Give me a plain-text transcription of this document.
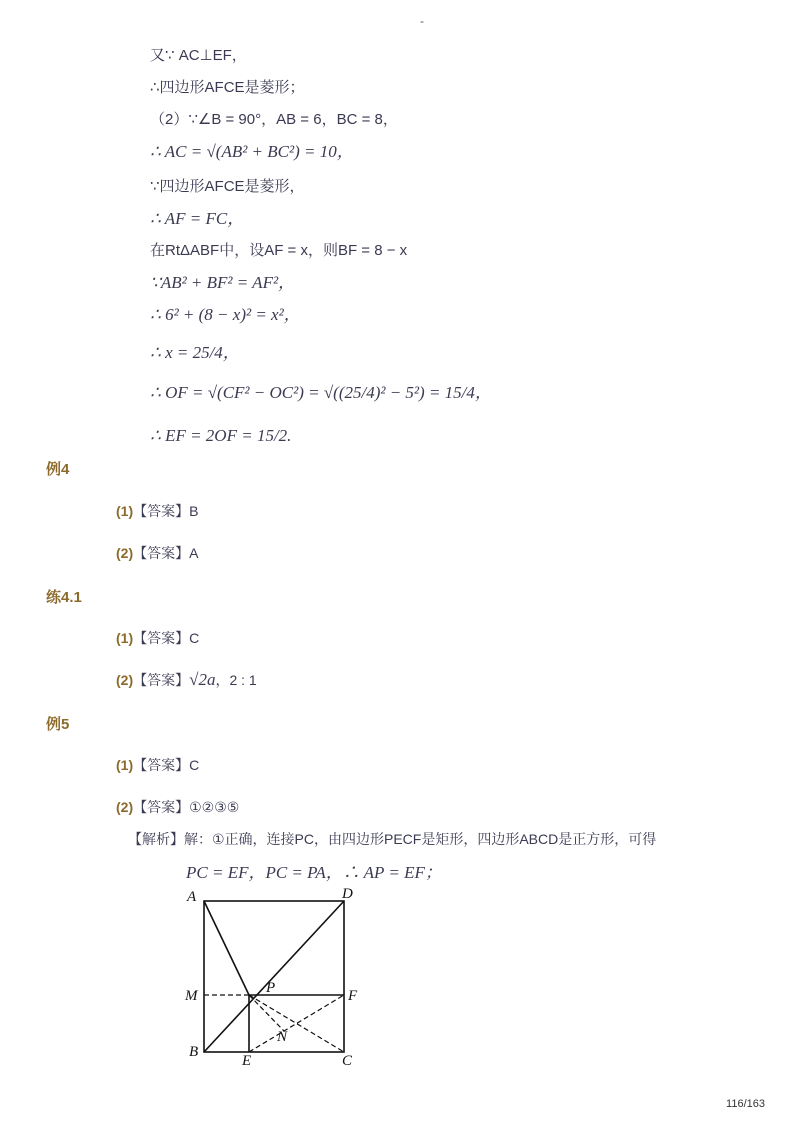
-
又∵ AC⊥EF，
∴四边形AFCE是菱形；
（2）∵∠B = 90°，AB = 6，BC = 8，
∴ AC = √(AB² + BC²) = 10，
∵四边形AFCE是菱形，
∴ AF = FC，
在RtΔABF中，设AF = x，则BF = 8 − x
∵AB² + BF² = AF²，
∴ 6² + (8 − x)² = x²，
∴ x = 25/4，
∴ OF = √(CF² − OC²) = √((25/4)² − 5²) = 15/4，
∴ EF = 2OF = 15/2.
例4
(1)【答案】B
(2)【答案】A
练4.1
(1)【答案】C
(2)【答案】√2a，2 : 1
例5
(1)【答案】C
(2)【答案】①②③⑤
【解析】解：①正确，连接PC，由四边形PECF是矩形，四边形ABCD是正方形，可得
PC = EF，PC = PA，∴ AP = EF；
A	D
M	P	F
N
B
E	C
116/163
